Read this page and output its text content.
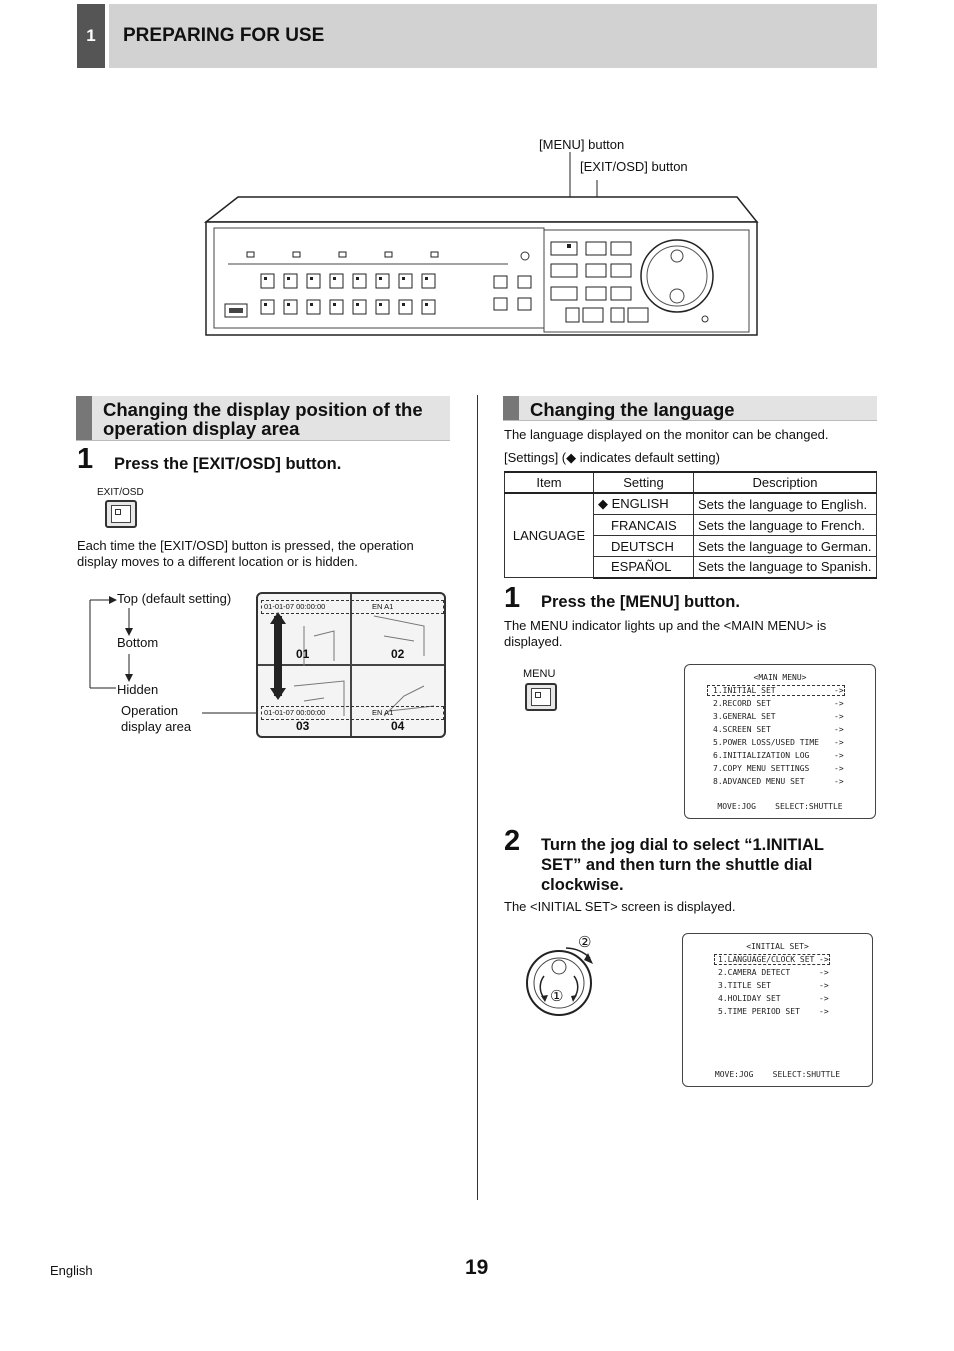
1	PREPARING FOR USE
[MENU] button
[EXIT/OSD] button
Changing the display position of the
operation display area
1 Press the [EXIT/OSD] button.
EXIT/OSD
Each time the [EXIT/OSD] button is pressed, the operation
display moves to a different location or is hidden.
Top (default setting)
Bottom
Hidden
Operation
display area
01-01-07 00:00:00	EN A1
01-01-07 00:00:00	EN A1
01	02
03	04
Changing the language
The language displayed on the monitor can be changed.
[Settings] (◆ indicates default setting)
Item	Setting	Description
LANGUAGE	◆ ENGLISH	Sets the language to English.
	FRANCAIS	Sets the language to French.
	DEUTSCH	Sets the language to German.
	ESPAÑOL	Sets the language to Spanish.
1 Press the [MENU] button.
The MENU indicator lights up and the <MAIN MENU> is
displayed.
MENU	<MAIN MENU>
1.INITIAL SET	->
2.RECORD SET	->
3.GENERAL SET	->
4.SCREEN SET	->
5.POWER LOSS/USED TIME ->
6.INITIALIZATION LOG	->
7.COPY MENU SETTINGS	->
8.ADVANCED MENU SET	->
MOVE:JOG    SELECT:SHUTTLE
2 Turn the jog dial to select “1.INITIAL
SET” and then turn the shuttle dial
clockwise.
The <INITIAL SET> screen is displayed.
②
①
<INITIAL SET>
1.LANGUAGE/CLOCK SET ->
2.CAMERA DETECT	->
3.TITLE SET	->
4.HOLIDAY SET	->
5.TIME PERIOD SET ->
MOVE:JOG    SELECT:SHUTTLE
English	19
